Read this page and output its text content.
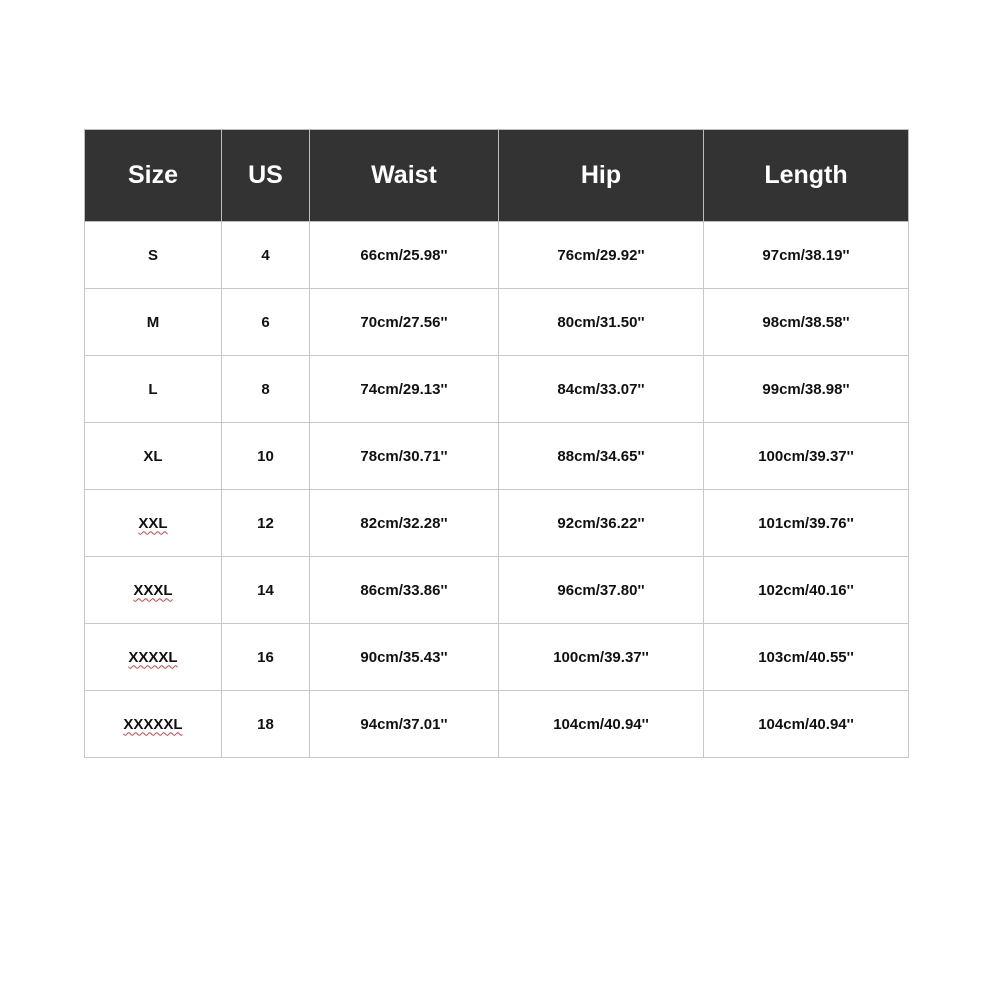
Size	US	Waist	Hip	Length
S	4	66cm/25.98''	76cm/29.92''	97cm/38.19''
M	6	70cm/27.56''	80cm/31.50''	98cm/38.58''
L	8	74cm/29.13''	84cm/33.07''	99cm/38.98''
XL	10	78cm/30.71''	88cm/34.65''	100cm/39.37''
XXL	12	82cm/32.28''	92cm/36.22''	101cm/39.76''
XXXL	14	86cm/33.86''	96cm/37.80''	102cm/40.16''
XXXXL	16	90cm/35.43''	100cm/39.37''	103cm/40.55''
XXXXXL	18	94cm/37.01''	104cm/40.94''	104cm/40.94''
